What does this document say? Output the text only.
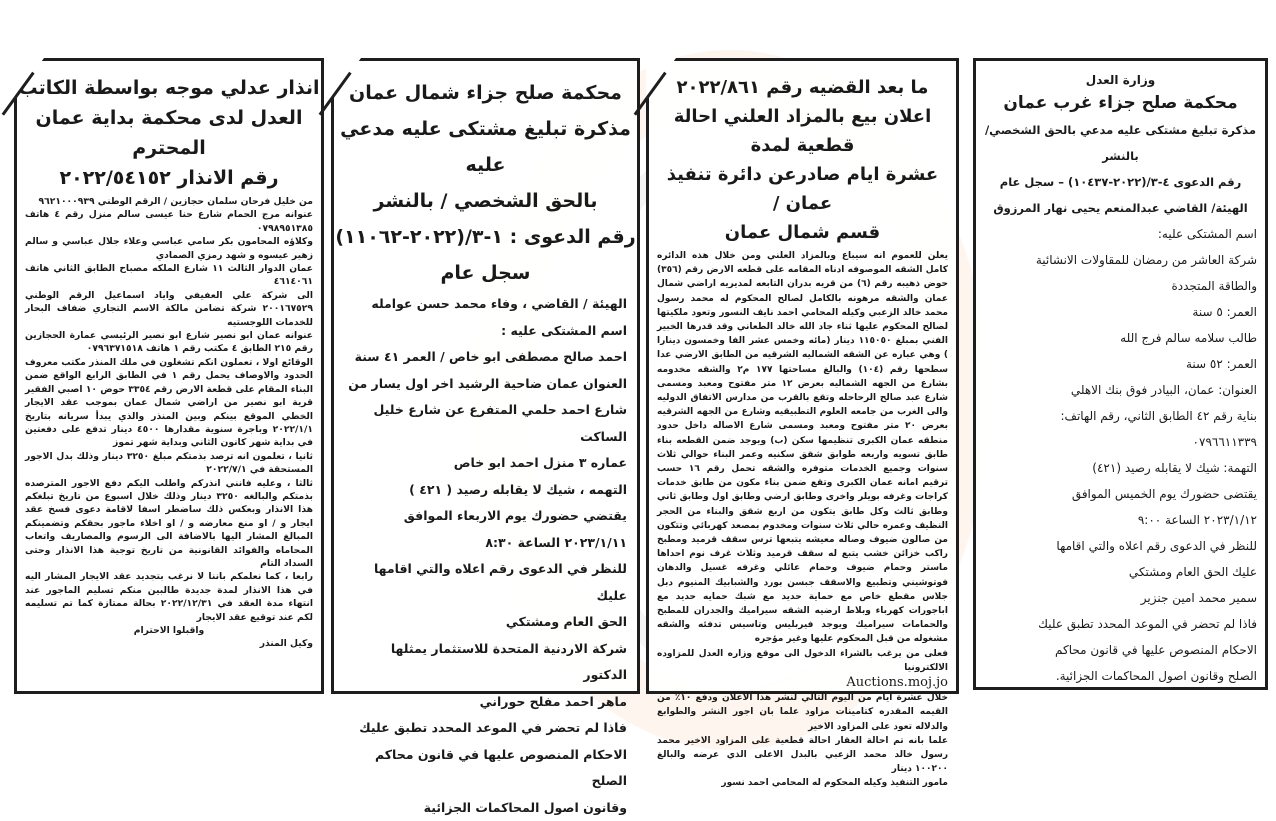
انذار عدلي موجه بواسطة الكاتب
العدل لدى محكمة بداية عمان المحترم
رقم الانذار ٢٠٢٢/٥٤١٥٢

من خليل فرحان سلمان حجازين / الرقم الوطني ٩٦٢١٠٠٠٩٣٩

عنوانه مرج الحمام شارع حنا عيسى سالم منزل رقم ٤ هاتف ٠٧٩٨٩٥١٣٨٥

وكلاؤه المحامون بكر سامي عباسي وعلاء جلال عباسي و سالم زهير عيسوه و شهد رمزي الصمادي

عمان الدوار الثالث ١١ شارع الملكه مصباح الطابق الثاني هاتف ٤٦١٤٠٦١

الى شركة علي العفيفي واياد اسماعيل الرقم الوطني ٢٠٠١٦٧٥٢٩ شركة تضامن مالكة الاسم التجاري ضفاف البحار للخدمات اللوجستيه

عنوانه عمان ابو نصير شارع ابو نصير الرئيسي عمارة الحجازين رقم ٢١٥ الطابق ٤ مكتب رقم ١ هاتف ٠٧٩٦٣٧١٥١٨

الوقائع اولا ، تعملون انكم تشغلون في ملك المنذر مكتب معروف الحدود والاوصاف يحمل رقم ١ في الطابق الرابع الواقع ضمن البناء المقام على قطعة الارض رقم ٣٣٥٤ حوض ١٠ اصبي الفقير قرية ابو نصير من اراضي شمال عمان بموجب عقد الايجار الخطي الموقع بينكم وبين المنذر والذي يبدأ سريانه بتاريخ ٢٠٢٢/١/١ وباجرة سنوية مقدارها ٤٥٠٠ دينار تدفع على دفعتين في بداية شهر كانون الثاني وبداية شهر تموز

ثانيا ، تعلمون انه ترصد بذمتكم مبلغ ٣٢٥٠ دينار وذلك بدل الاجور المستحقة في ٢٠٢٢/٧/١

ثالثا ، وعليه فانني انذركم واطلب اليكم دفع الاجور المترصده بذمتكم والبالغه ٣٢٥٠ دينار وذلك خلال اسبوع من تاريخ تبلغكم هذا الانذار وبعكس ذلك ساضطر اسفا لاقامة دعوى فسخ عقد ايجار و / او منع معارضه و / او اخلاء ماجور بحقكم وتضمينكم المبالغ المشار اليها بالاضافة الى الرسوم والمصاريف واتعاب المحاماه والفوائد القانونية من تاريخ توجية هذا الانذار وحتى السداد التام

رابعا ، كما نعلمكم باننا لا نرغب بتجديد عقد الايجار المشار اليه في هذا الانذار لمدة جديدة طالبين منكم تسليم الماجور عند انتهاء مدة العقد في ٢٠٢٢/١٢/٣١ بحالة ممتازة كما تم تسليمه لكم عند توقيع عقد الايجار

واقبلوا الاحترام

وكيل المنذر

محكمة صلح جزاء شمال عمان
مذكرة تبليغ مشتكى عليه مدعي عليه
بالحق الشخصي / بالنشر
رقم الدعوى : ١-٣/(٢٠٢٢-١١٠٦٢)
سجل عام
الهيئة / القاضي ، وفاء محمد حسن عوامله
اسم المشتكى عليه :
احمد صالح مصطفى ابو خاص / العمر ٤١ سنة
العنوان عمان ضاحية الرشيد اخر اول يسار من
شارع احمد حلمي المتفرع عن شارع خليل الساكت
عماره ٣ منزل احمد ابو خاص
التهمه ، شيك لا يقابله رصيد ( ٤٢١ )
يقتضي حضورك يوم الاربعاء الموافق
٢٠٢٣/١/١١ الساعة ٨:٣٠
للنظر في الدعوى رقم اعلاه والتي اقامها عليك
الحق العام ومشتكي
شركة الاردنية المتحدة للاستثمار يمثلها الدكتور
ماهر احمد مفلح حوراني
فاذا لم تحضر في الموعد المحدد تطبق عليك
الاحكام المنصوص عليها في قانون محاكم الصلح
وقانون اصول المحاكمات الجزائية
ما بعد القضيه رقم ٢٠٢٢/٨٦١
اعلان بيع بالمزاد العلني احالة قطعية لمدة
عشرة ايام صادرعن دائرة تنفيذ عمان /
قسم شمال عمان

يعلن للعموم انه سيباع وبالمزاد العلني ومن خلال هذه الدائره كامل الشقه الموصوفه ادناه المقامه على قطعه الارض رقم (٣٥٦) حوض ذهيبه رقم (٦) من قريه بدران التابعه لمديريه اراضي شمال عمان والشقه مرهونه بالكامل لصالح المحكوم له محمد رسول محمد خالد الزعبي وكيله المحامي احمد نايف النسور وتعود ملكيتها لصالح المحكوم عليها ثناء جاد الله خالد الطعاني وقد قدرها الخبير الفني بمبلغ ١١٥٠٥٠ دينار (مائه وخمس عشر الفا وخمسون دينارا ) وهي عباره عن الشقه الشماليه الشرقيه من الطابق الارضي عدا سطحها رقم (١٠٤) والبالغ مساحتها ١٧٧ م٢ والشقه مخدومه بشارع من الجهه الشماليه بعرض ١٢ متر مفتوح ومعبد ومسمى شارع عبد صالح الرحاحله وتقع بالقرب من مدارس الاتفاق الدوليه والى الغرب من جامعه العلوم التطبيقيه وشارع من الجهه الشرقيه بعرض ٢٠ متر مفتوح ومعبد ومسمى شارع الاصاله داخل حدود منطقه عمان الكبرى تنظيمها سكن (ب) ويوجد ضمن القطعه بناء طابق تسويه واربعه طوابق شقق سكنيه وعمر البناء حوالي ثلاث سنوات وجميع الخدمات متوفره والشقه تحمل رقم ١٦ حسب ترقيم امانه عمان الكبرى وتقع ضمن بناء مكون من طابق خدمات كراجات وغرفه بويلر واخرى وطابق ارضي وطابق اول وطابق ثاني وطابق ثالث وكل طابق يتكون من اربع شقق والبناء من الحجر النظيف وعمره حالي ثلاث سنوات ومخدوم بمصعد كهربائي وتتكون من صالون ضيوف وصاله معيشه يتبعها ترس سقف قرميد ومطبخ راكب خزائن خشب يتبع له سقف قرميد وثلاث غرف نوم احداها ماستر وحمام ضيوف وحمام عائلي وغرفه غسيل والدهان فوتوشيني وتطبيع والاسقف جبسن بورد والشبابيك المنيوم دبل جلاس مقطع خاص مع حماية حديد مع شبك حمايه حديد مع اباجورات كهرباء وبلاط ارضيه الشقه سيراميك والجدران للمطبخ والحمامات سيراميك ويوجد فيربليس وتاسيس تدفئه والشقه مشغوله من قبل المحكوم عليها وغير مؤجره

فعلى من يرغب بالشراء الدخول الى موقع وزاره العدل للمزاوده الالكترونيا

Auctions.moj.jo

خلال عشرة ايام من اليوم التالي لنشر هذا الاعلان ودفع ١٠٪ من القيمه المقدره كتامينات مزاود علما بان اجور النشر والطوابع والدلاله تعود على المزاود الاخير

علما بانه تم احالة العقار احالة قطعية على المزاود الاخير محمد رسول خالد محمد الزعبي بالبدل الاعلى الذي عرضه والبالغ ١٠٠٢٠٠ دينار

مامور التنفيذ وكيله المحكوم له المحامي احمد نسور

وزارة العدل
محكمة صلح جزاء غرب عمان
مذكرة تبليغ مشتكى عليه مدعي بالحق الشخصي/ بالنشر
رقم الدعوى ٤-٣/(٢٠٢٢-١٠٤٣٧) – سجل عام
الهيئة/ القاضي عبدالمنعم يحيى نهار المرزوق
اسم المشتكى عليه:
شركة العاشر من رمضان للمقاولات الانشائية
والطاقة المتجددة
العمر: ٥ سنة
طالب سلامه سالم فرج الله
العمر: ٥٢ سنة
العنوان: عمان، البيادر فوق بنك الاهلي
بناية رقم ٤٢ الطابق الثاني، رقم الهاتف:
٠٧٩٦٦١١٣٣٩
التهمة: شيك لا يقابله رصيد (٤٢١)
يقتضى حضورك يوم الخميس الموافق
٢٠٢٣/١/١٢ الساعة ٩:٠٠
للنظر في الدعوى رقم اعلاه والتي اقامها
عليك الحق العام ومشتكي
سمير محمد امين جنزير
فاذا لم تحضر في الموعد المحدد تطبق عليك
الاحكام المنصوص عليها في قانون محاكم
الصلح وقانون اصول المحاكمات الجزائية.
